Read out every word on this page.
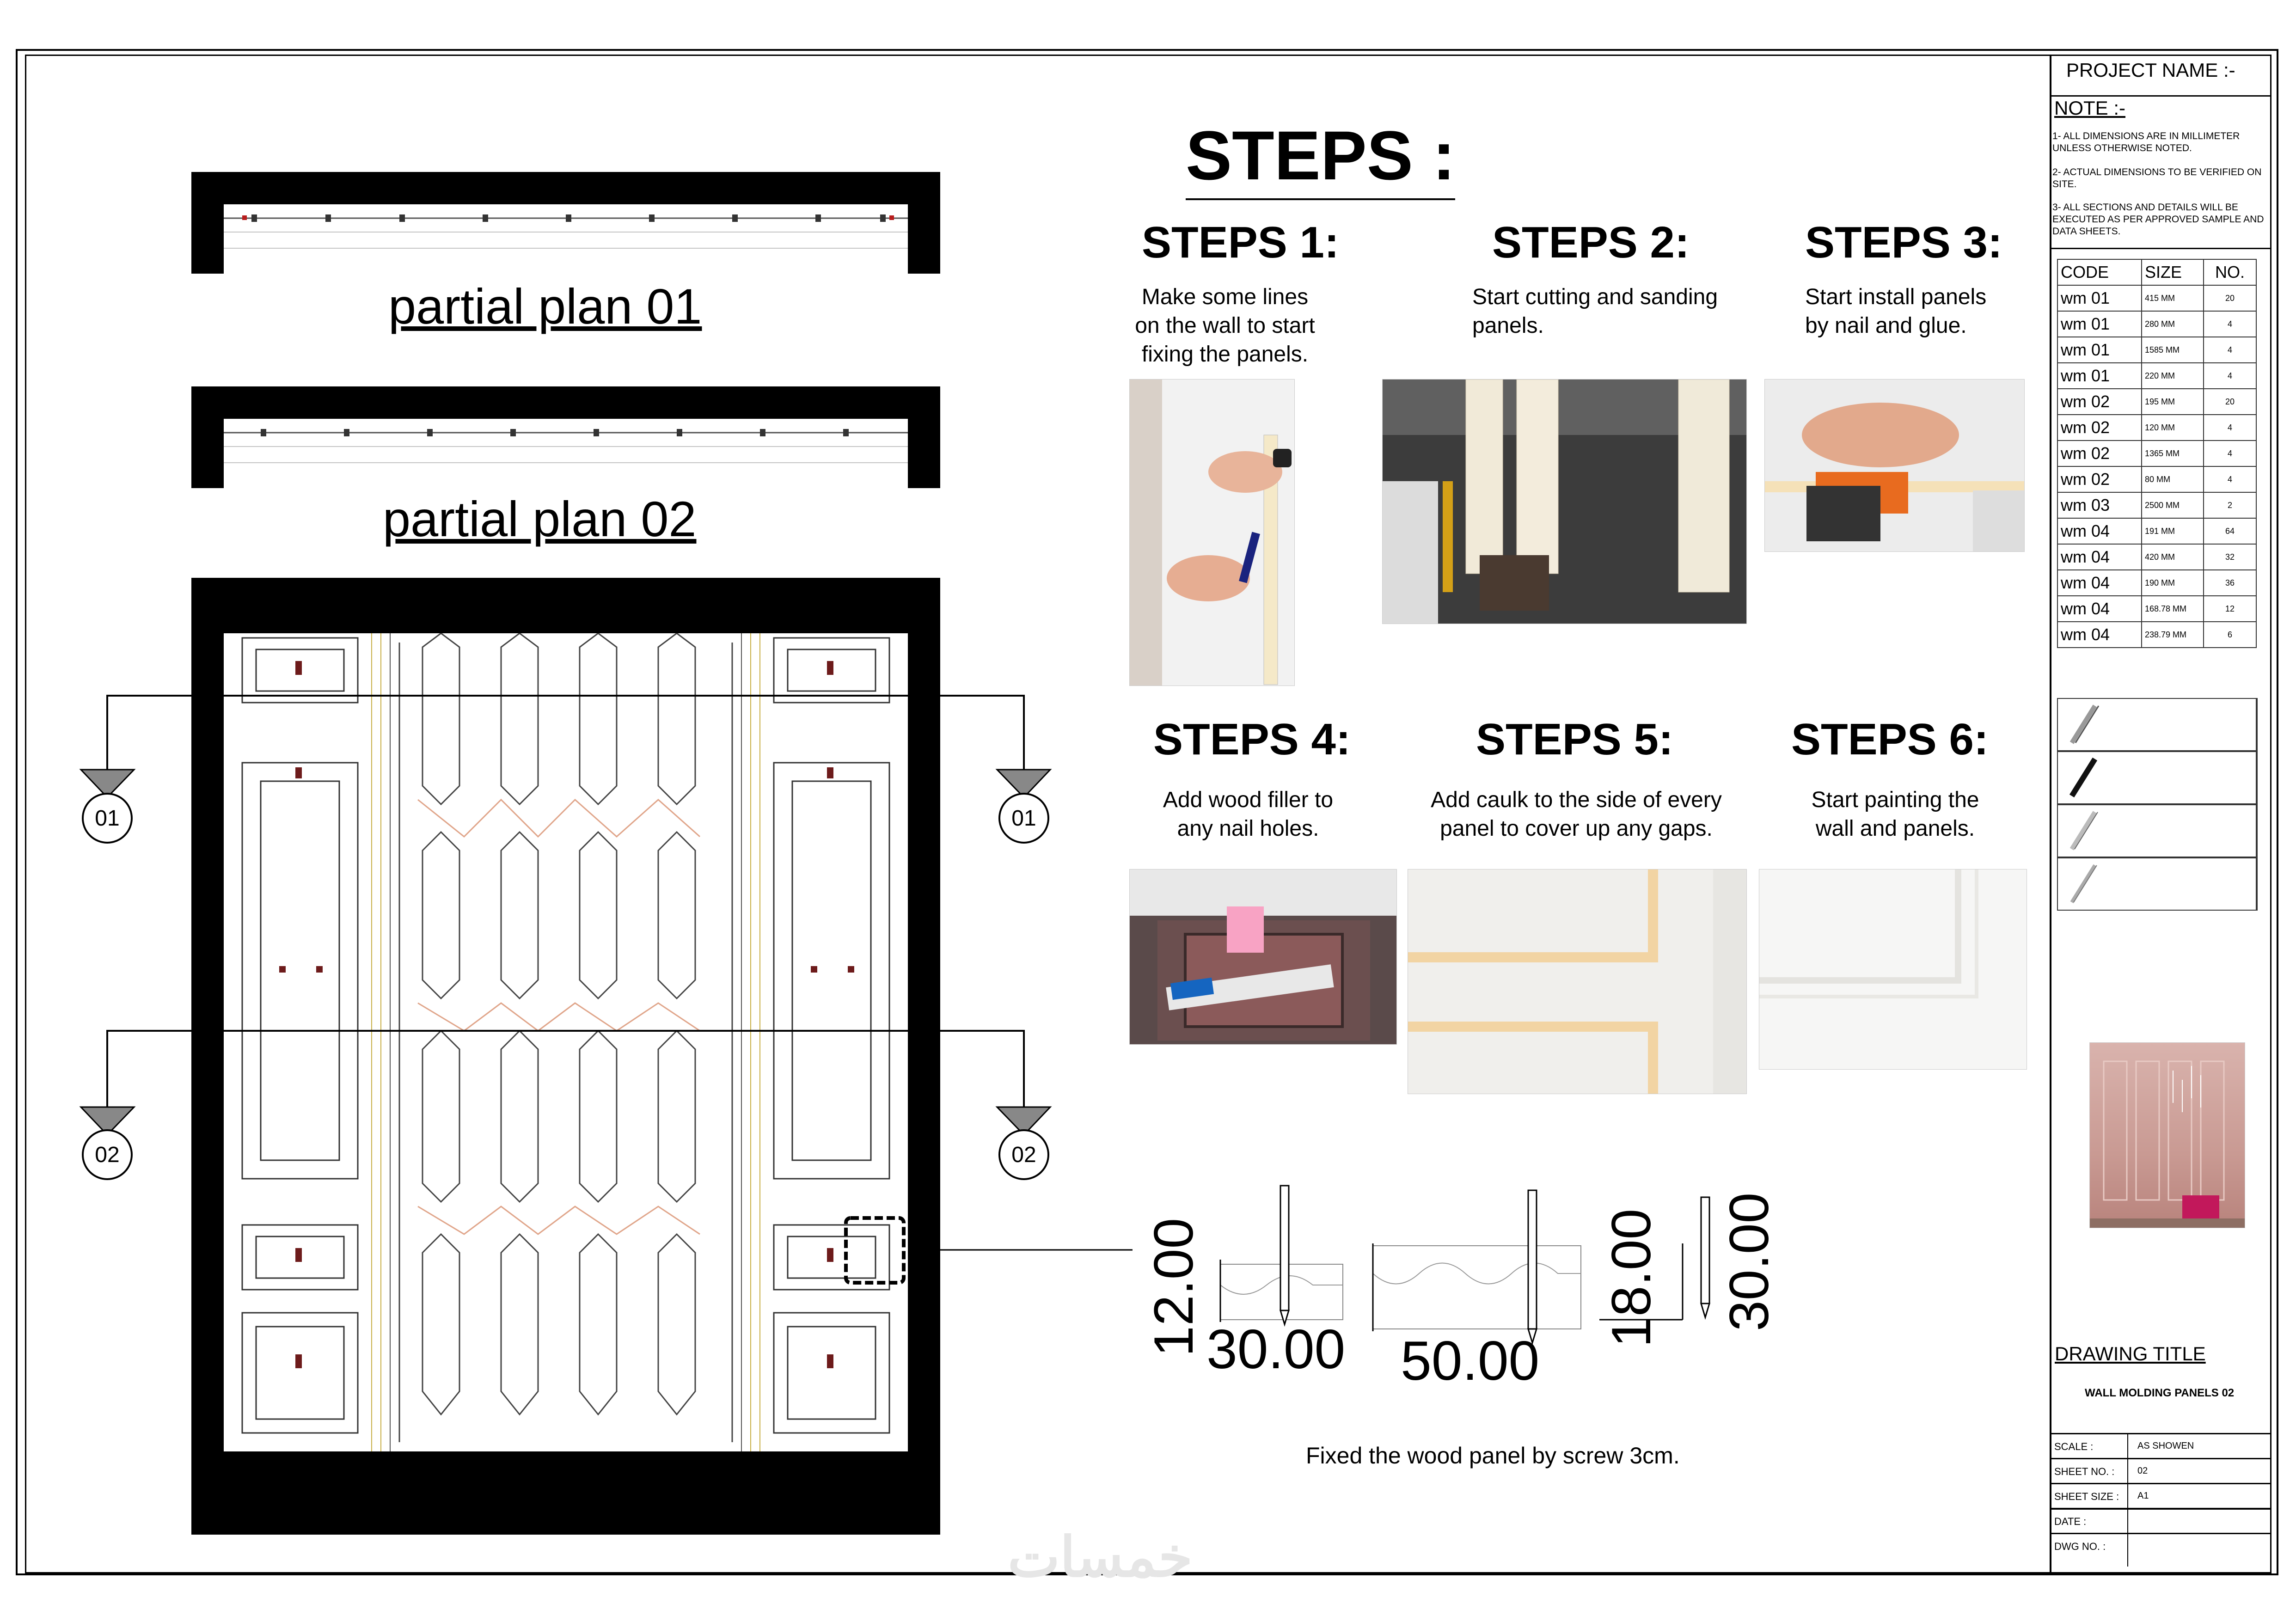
PROJECT NAME :-
NOTE :-
1- ALL DIMENSIONS ARE IN MILLIMETER UNLESS OTHERWISE NOTED.
2- ACTUAL DIMENSIONS TO BE VERIFIED ON SITE.
3- ALL SECTIONS AND DETAILS WILL BE EXECUTED AS PER APPROVED SAMPLE AND DATA SHEETS.
CODE	SIZE	NO.
wm 01	415 MM	20
wm 01	280 MM	4
wm 01	1585 MM	4
wm 01	220 MM	4
wm 02	195 MM	20
wm 02	120 MM	4
wm 02	1365 MM	4
wm 02	80 MM	4
wm 03	2500 MM	2
wm 04	191 MM	64
wm 04	420 MM	32
wm 04	190 MM	36
wm 04	168.78 MM	12
wm 04	238.79 MM	6
DRAWING TITLE
WALL MOLDING PANELS 02
SCALE :	AS SHOWEN
SHEET NO. : 02
SHEET SIZE : A1
DATE :
DWG NO. :
partial plan 01
partial plan 02
01	01
02	02
STEPS :
STEPS 1:
Make some lines
on the wall to start
fixing the panels.
STEPS 2:
Start cutting and sanding
panels.
STEPS 3:
Start install panels
by nail and glue.
STEPS 4:
Add wood filler to
any nail holes.
STEPS 5:
Add caulk to the side of every
panel to cover up any gaps.
STEPS 6:
Start painting the
wall and panels.
12.00 30.00 50.00
18.00 30.00
Fixed the wood panel by screw 3cm.
خمسات
